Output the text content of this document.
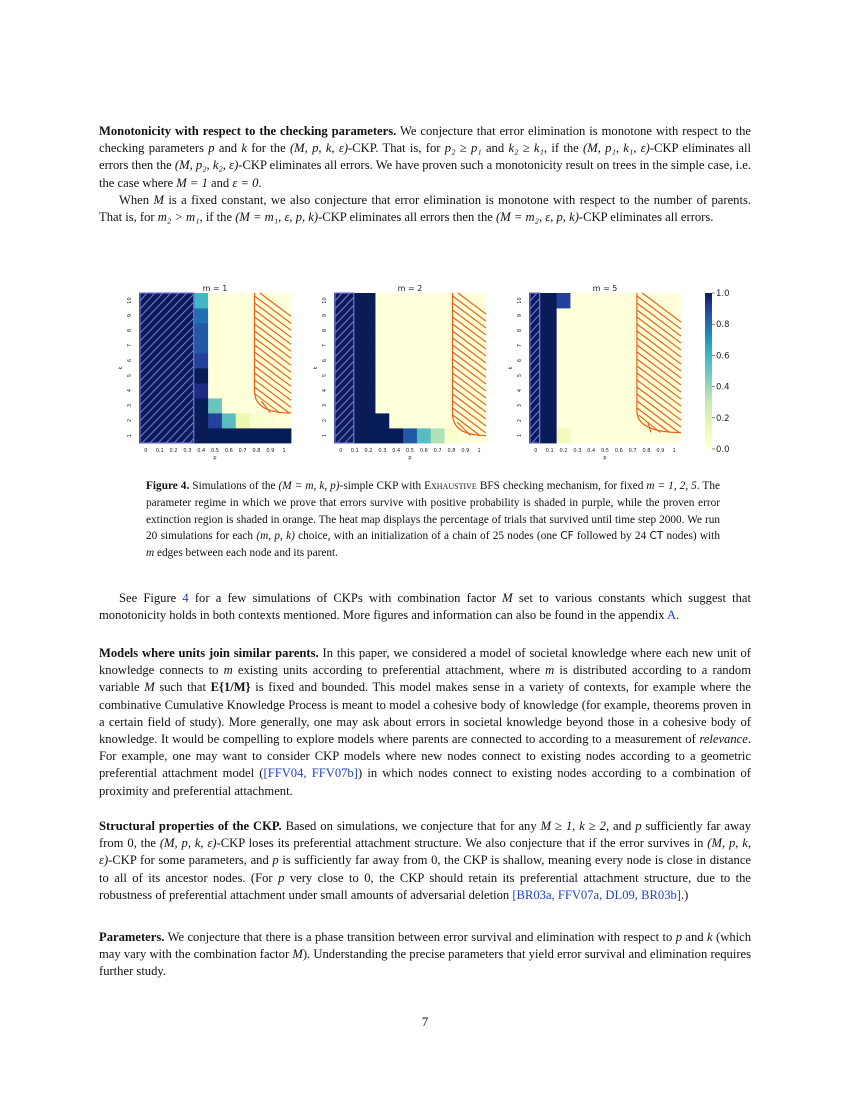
Monotonicity with respect to the checking parameters. We conjecture that error elimination is monotone with respect to the checking parameters p and k for the (M, p, k, ε)-CKP. That is, for p₂ ≥ p₁ and k₂ ≥ k₁, if the (M, p₁, k₁, ε)-CKP eliminates all errors then the (M, p₂, k₂, ε)-CKP eliminates all errors. We have proven such a monotonicity result on trees in the simple case, i.e. the case where M = 1 and ε = 0.

When M is a fixed constant, we also conjecture that error elimination is monotone with respect to the number of parents. That is, for m₂ > m₁, if the (M = m₁, ε, p, k)-CKP eliminates all errors then the (M = m₂, ε, p, k)-CKP eliminates all errors.

m = 1
0 0.1 0.2 0.3 0.4 0.5 0.6 0.7 0.8 0.9 1
p
1
2
3
4
5
6
7
8
9
10
k
m = 2
0 0.1 0.2 0.3 0.4 0.5 0.6 0.7 0.8 0.9 1
p
1
2
3
4
5
6
7
8
9
10
k
m = 5
0 0.1 0.2 0.3 0.4 0.5 0.6 0.7 0.8 0.9 1
p
1
2
3
4
5
6
7
8
9
10
k
1.0
0.8
0.6
0.4
0.2
0.0

Figure 4. Simulations of the (M = m, k, p)-simple CKP with Exhaustive BFS checking mechanism, for fixed m = 1, 2, 5. The parameter regime in which we prove that errors survive with positive probability is shaded in purple, while the proven error extinction region is shaded in orange. The heat map displays the percentage of trials that survived until time step 2000. We run 20 simulations for each (m, p, k) choice, with an initialization of a chain of 25 nodes (one CF followed by 24 CT nodes) with m edges between each node and its parent.

See Figure 4 for a few simulations of CKPs with combination factor M set to various constants which suggest that monotonicity holds in both contexts mentioned. More figures and information can also be found in the appendix A.

Models where units join similar parents. In this paper, we considered a model of societal knowledge where each new unit of knowledge connects to m existing units according to preferential attachment, where m is distributed according to a random variable M such that E{1/M} is fixed and bounded. This model makes sense in a variety of contexts, for example where the combinative Cumulative Knowledge Process is meant to model a cohesive body of knowledge (for example, theorems proven in a certain field of study). More generally, one may ask about errors in societal knowledge beyond those in a cohesive body of knowledge. It would be compelling to explore models where parents are connected to according to a measurement of relevance. For example, one may want to consider CKP models where new nodes connect to existing nodes according to a geometric preferential attachment model ([FFV04, FFV07b]) in which nodes connect to existing nodes according to a combination of proximity and preferential attachment.

Structural properties of the CKP. Based on simulations, we conjecture that for any M ≥ 1, k ≥ 2, and p sufficiently far away from 0, the (M, p, k, ε)-CKP loses its preferential attachment structure. We also conjecture that if the error survives in (M, p, k, ε)-CKP for some parameters, and p is sufficiently far away from 0, the CKP is shallow, meaning every node is close in distance to all of its ancestor nodes. (For p very close to 0, the CKP should retain its preferential attachment structure, due to the robustness of preferential attachment under small amounts of adversarial deletion [BR03a, FFV07a, DL09, BR03b].)

Parameters. We conjecture that there is a phase transition between error survival and elimination with respect to p and k (which may vary with the combination factor M). Understanding the precise parameters that yield error survival and elimination requires further study.

7
